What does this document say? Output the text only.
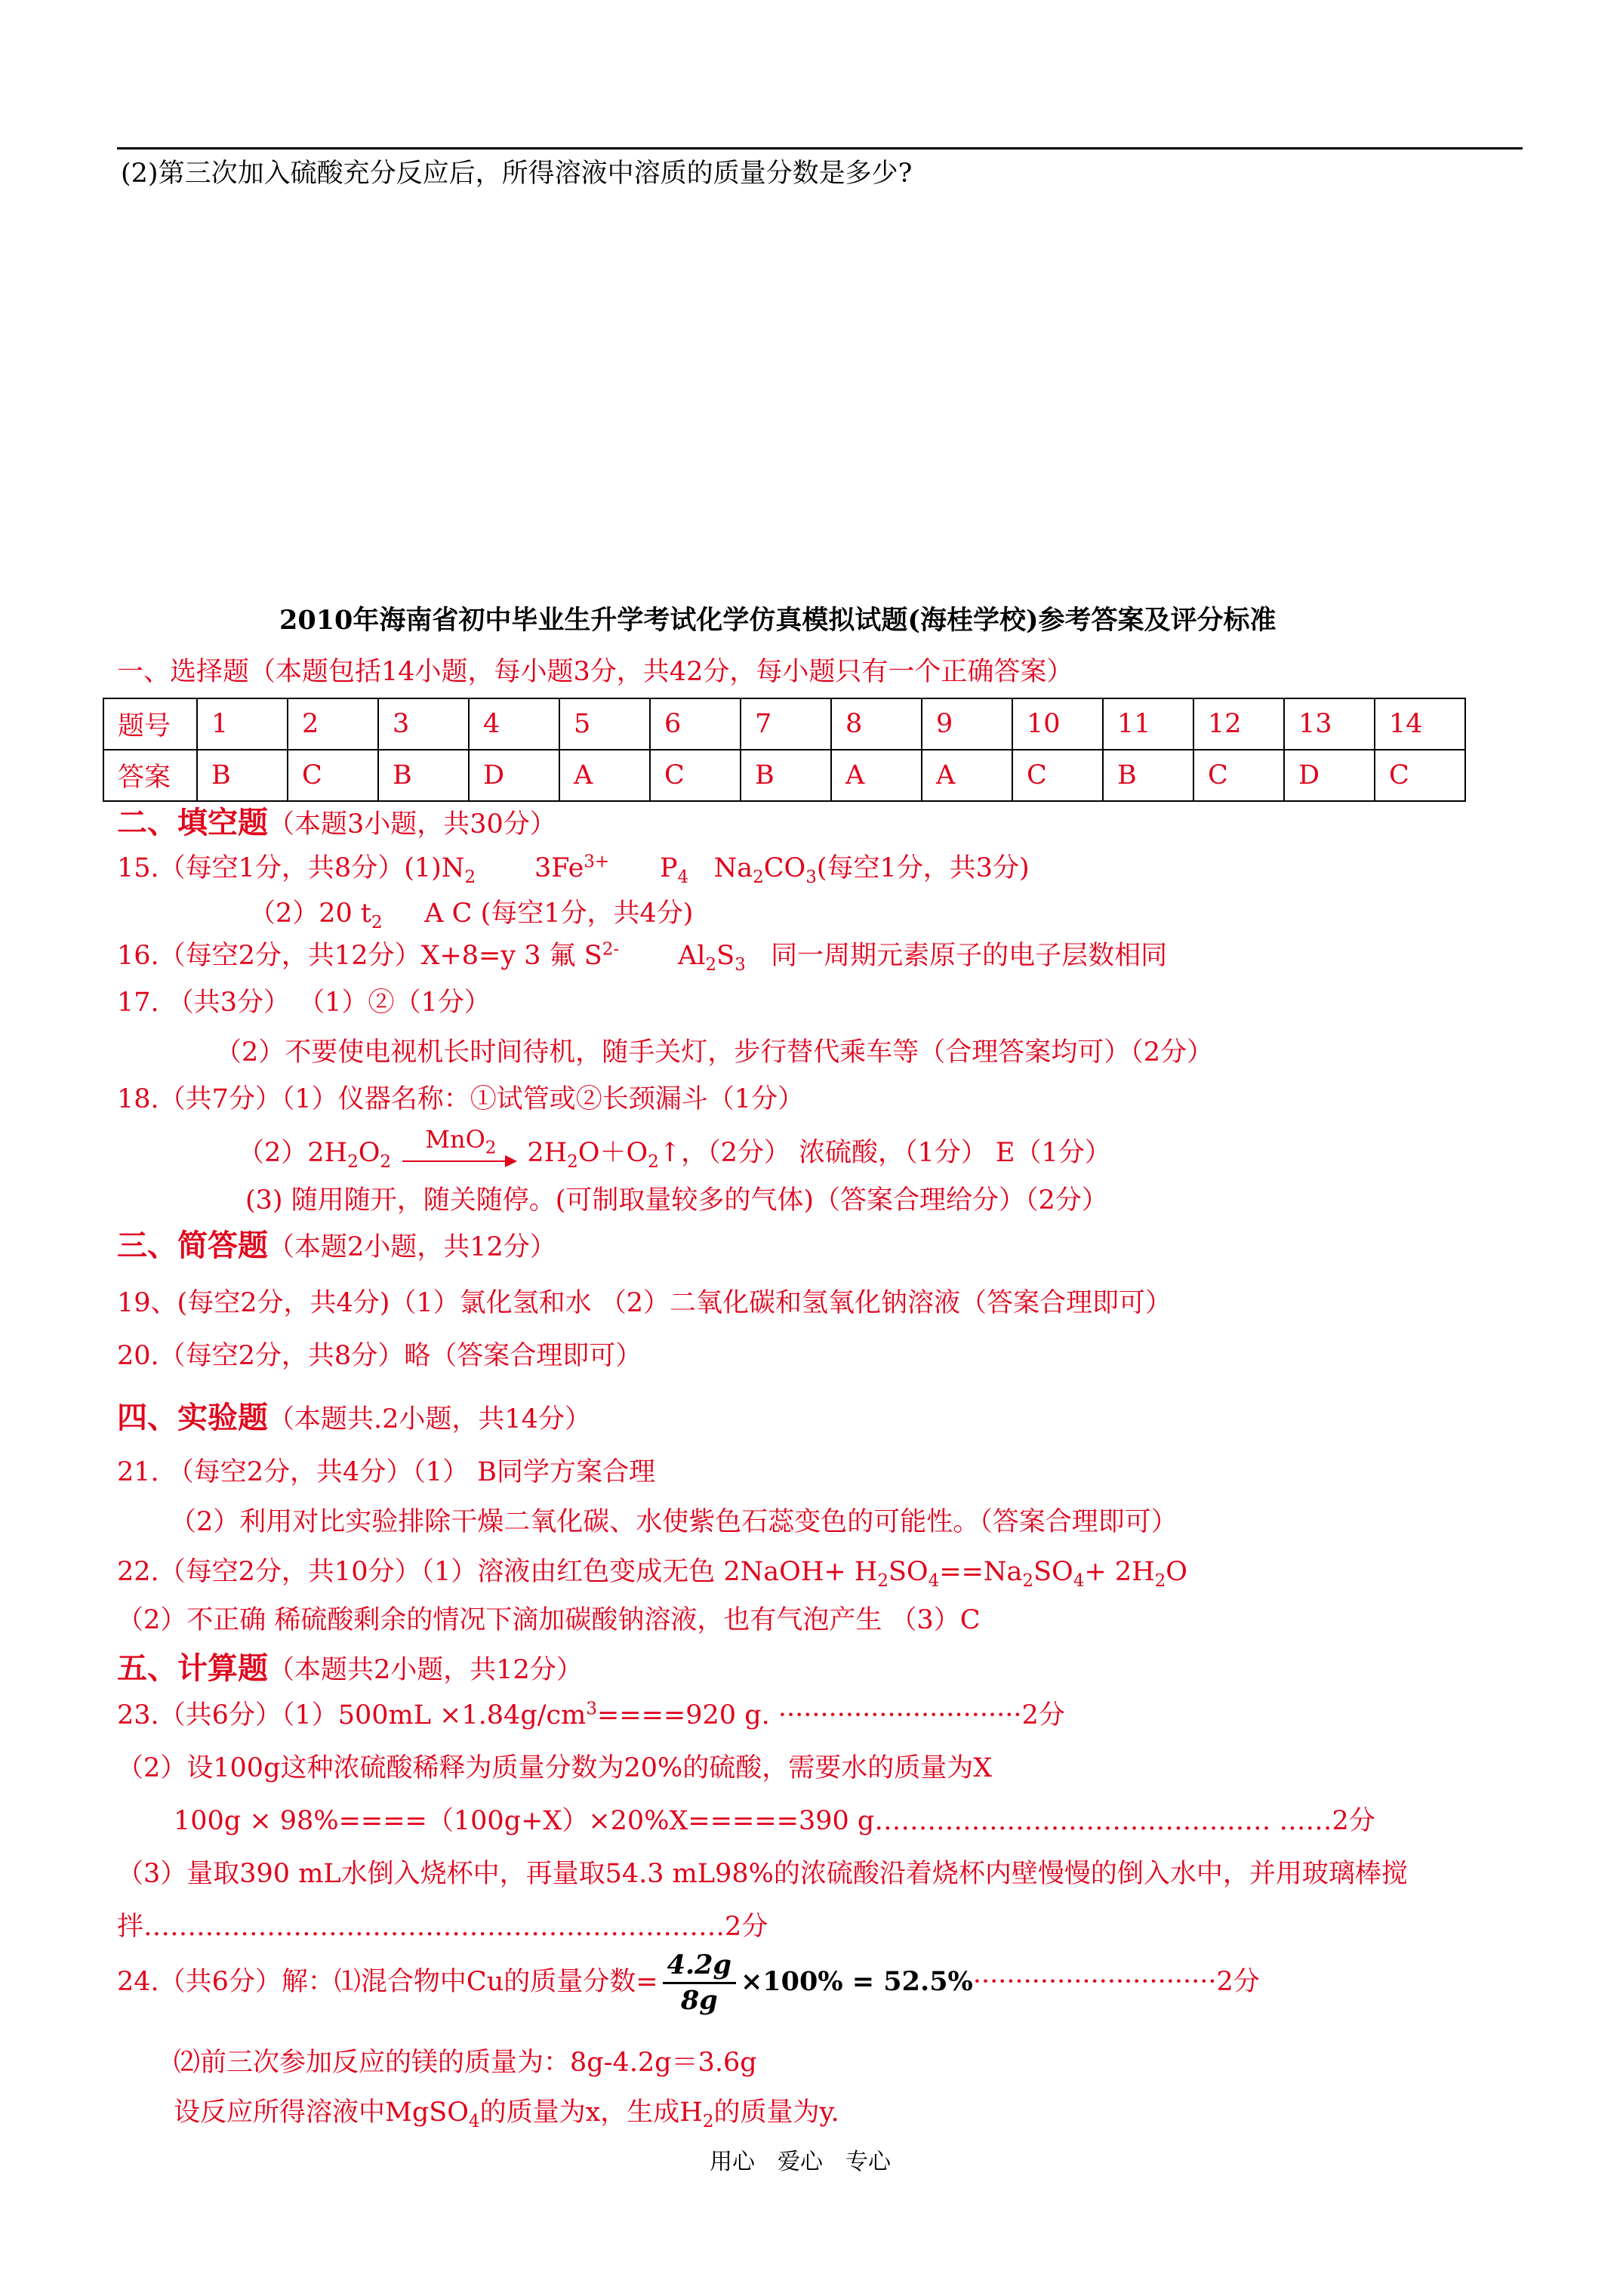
(2)第三次加入硫酸充分反应后，所得溶液中溶质的质量分数是多少?
2010年海南省初中毕业生升学考试化学仿真模拟试题(海桂学校)参考答案及评分标准
一、选择题（本题包括14小题，每小题3分，共42分，每小题只有一个正确答案）
题号	1	2	3	4	5	6	7	8	9	10	11	12	13	14
答案	B	C	B	D	A	C	B	A	A	C	B	C	D	C
二、填空题（本题3小题，共30分）
15.（每空1分，共8分）$(1)N_2$ $3Fe^{3+}$ $P_4$ $Na_2CO_3$(每空1分，共3分)
（2）20 $t_2$ A C (每空1分，共4分)
16.（每空2分，共12分）X+8=y 3 氟 $S^{2-}$ $Al_2S_3$ 同一周期元素原子的电子层数相同
17. （共3分） （1）②（1分）
（2）不要使电视机长时间待机，随手关灯，步行替代乘车等（合理答案均可）（2分）
18.（共7分）（1）仪器名称：①试管或②长颈漏斗（1分）
$(2)2H_2O_2$
MnO$_2$ $2H_2O+O_2↑$，（2分） 浓硫酸，（1分） E（1分）
(3) 随用随开，随关随停。(可制取量较多的气体)（答案合理给分）（2分）
三、简答题（本题2小题，共12分）
19、(每空2分，共4分)（1）氯化氢和水 （2）二氧化碳和氢氧化钠溶液（答案合理即可）
20.（每空2分，共8分）略（答案合理即可）
四、实验题（本题共.2小题，共14分）
21. （每空2分，共4分）（1） B同学方案合理
（2）利用对比实验排除干燥二氧化碳、水使紫色石蕊变色的可能性。（答案合理即可）
22.（每空2分，共10分）（1）溶液由红色变成无色 2NaOH+ $H_2SO_4==Na_2SO_4+ 2H_2O$
（2）不正确 稀硫酸剩余的情况下滴加碳酸钠溶液，也有气泡产生 （3）C
五、计算题（本题共2小题，共12分）
23.（共6分）$(1)500mL \times 1.84g/cm^3====920$ g. ·····························2分
（2）设100g这种浓硫酸稀释为质量分数为20%的硫酸，需要水的质量为X
100g × 98%====（100g+X）×20%X=====390 g……………………………………… ……2分
（3）量取390 mL水倒入烧杯中，再量取54.3 mL98%的浓硫酸沿着烧杯内壁慢慢的倒入水中，并用玻璃棒搅
拌…………………………………………………………2分
24.（共6分）解：⑴混合物中Cu的质量分数= $\frac{4.2g}{8g} \times 100\% = 52.5\%\cdot\cdot\cdot\cdot\cdot\cdot\cdot\cdot\cdot\cdot\cdot\cdot\cdot\cdot\cdot\cdot\cdot\cdot\cdot\cdot\cdot\cdot\cdot\cdot\cdot\cdot\cdot\cdot\cdot 2$分
⑵前三次参加反应的镁的质量为：8g-4.2g＝3.6g
设反应所得溶液中MgSO$_4$的质量为x，生成$H_2$的质量为y.
用心 爱心 专心
